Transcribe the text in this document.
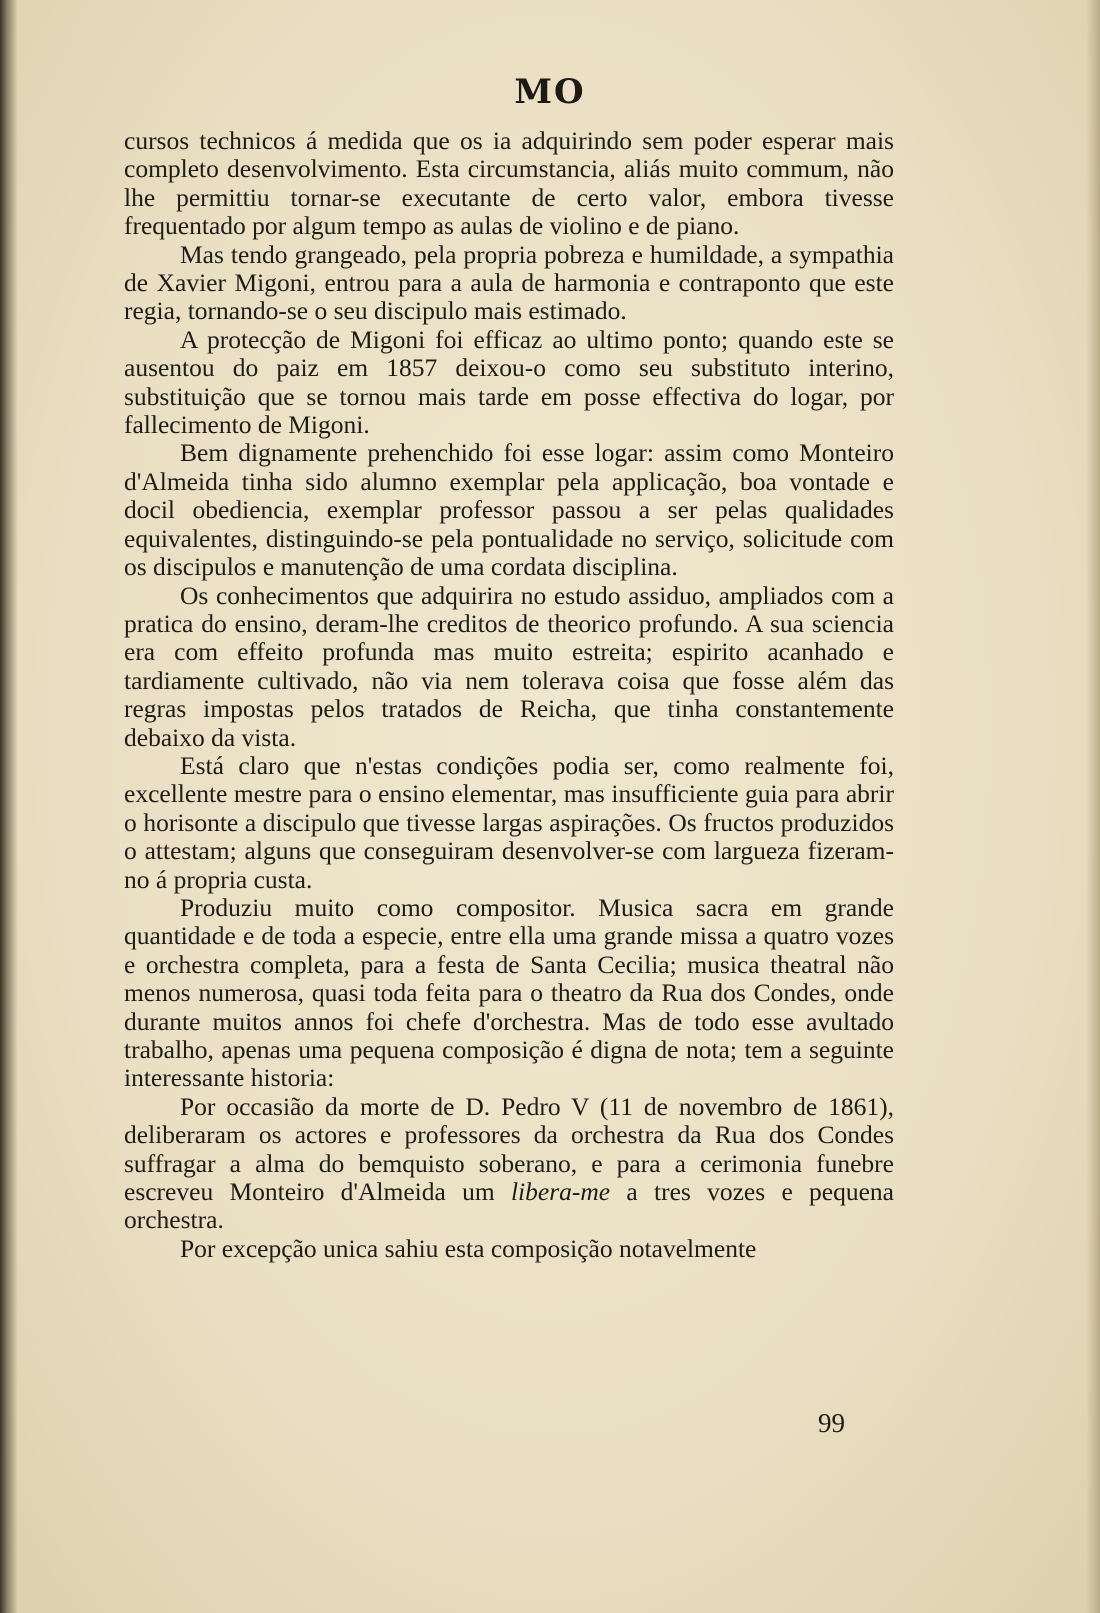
MO

cursos technicos á medida que os ia adquirindo sem poder esperar mais completo desenvolvimento. Esta circumstancia, aliás muito commum, não lhe permittiu tornar-se executante de certo valor, embora tivesse frequentado por algum tempo as aulas de violino e de piano.

Mas tendo grangeado, pela propria pobreza e humildade, a sympathia de Xavier Migoni, entrou para a aula de harmonia e contraponto que este regia, tornando-se o seu discipulo mais estimado.

A protecção de Migoni foi efficaz ao ultimo ponto; quando este se ausentou do paiz em 1857 deixou-o como seu substituto interino, substituição que se tornou mais tarde em posse effectiva do logar, por fallecimento de Migoni.

Bem dignamente prehenchido foi esse logar: assim como Monteiro d'Almeida tinha sido alumno exemplar pela applicação, boa vontade e docil obediencia, exemplar professor passou a ser pelas qualidades equivalentes, distinguindo-se pela pontualidade no serviço, solicitude com os discipulos e manutenção de uma cordata disciplina.

Os conhecimentos que adquirira no estudo assiduo, ampliados com a pratica do ensino, deram-lhe creditos de theorico profundo. A sua sciencia era com effeito profunda mas muito estreita; espirito acanhado e tardiamente cultivado, não via nem tolerava coisa que fosse além das regras impostas pelos tratados de Reicha, que tinha constantemente debaixo da vista.

Está claro que n'estas condições podia ser, como realmente foi, excellente mestre para o ensino elementar, mas insufficiente guia para abrir o horisonte a discipulo que tivesse largas aspirações. Os fructos produzidos o attestam; alguns que conseguiram desenvolver-se com largueza fizeram-no á propria custa.

Produziu muito como compositor. Musica sacra em grande quantidade e de toda a especie, entre ella uma grande missa a quatro vozes e orchestra completa, para a festa de Santa Cecilia; musica theatral não menos numerosa, quasi toda feita para o theatro da Rua dos Condes, onde durante muitos annos foi chefe d'orchestra. Mas de todo esse avultado trabalho, apenas uma pequena composição é digna de nota; tem a seguinte interessante historia:

Por occasião da morte de D. Pedro V (11 de novembro de 1861), deliberaram os actores e professores da orchestra da Rua dos Condes suffragar a alma do bemquisto soberano, e para a cerimonia funebre escreveu Monteiro d'Almeida um libera-me a tres vozes e pequena orchestra.

Por excepção unica sahiu esta composição notavelmente

99
